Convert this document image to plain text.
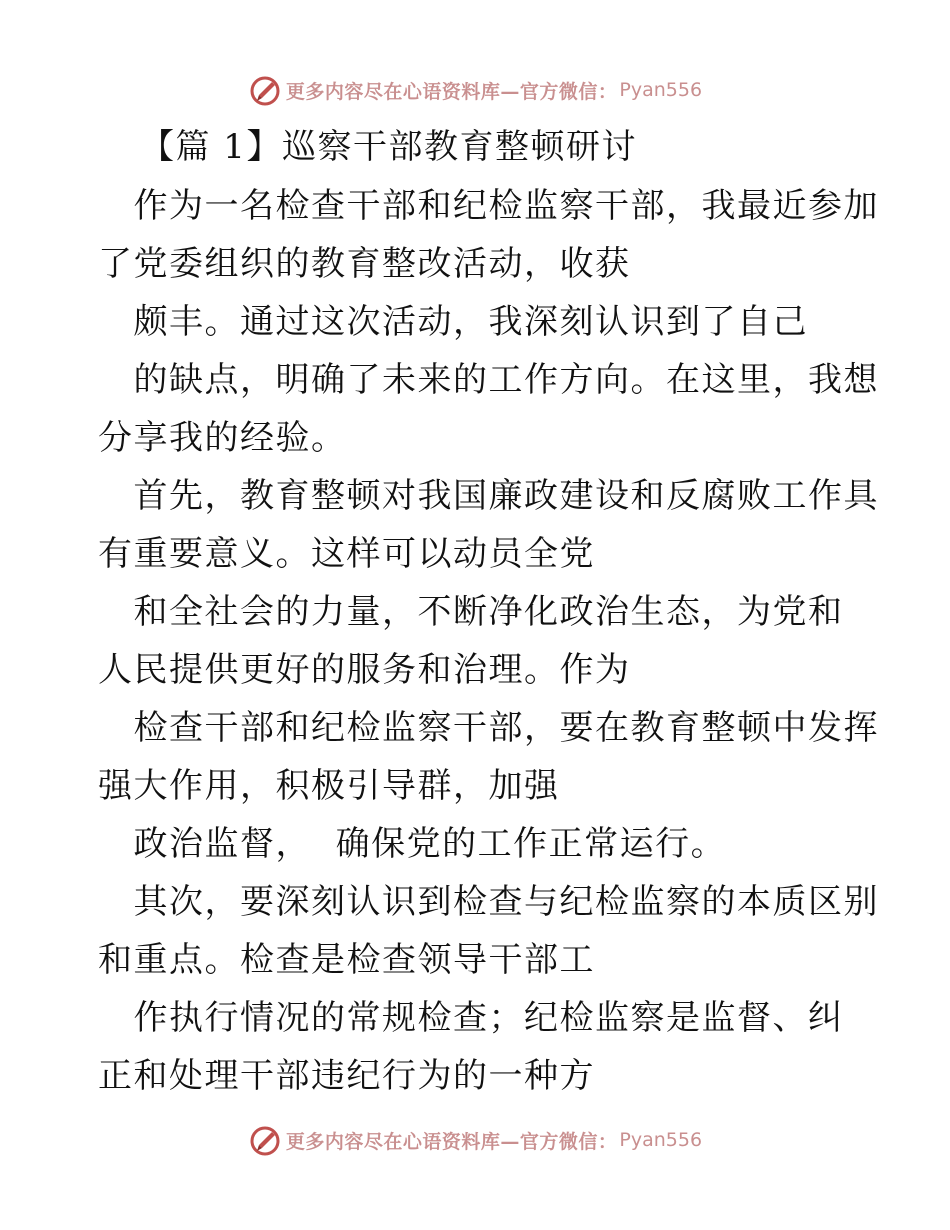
更多内容尽在心语资料库—官方微信： Pyan556
【篇 1】巡察干部教育整顿研讨
　作为一名检查干部和纪检监察干部，我最近参加
了党委组织的教育整改活动，收获
　颇丰。通过这次活动，我深刻认识到了自己
　的缺点，明确了未来的工作方向。在这里，我想
分享我的经验。
　首先，教育整顿对我国廉政建设和反腐败工作具
有重要意义。这样可以动员全党
　和全社会的力量，不断净化政治生态，为党和
人民提供更好的服务和治理。作为
　检查干部和纪检监察干部，要在教育整顿中发挥
强大作用，积极引导群，加强
　政治监督，  确保党的工作正常运行。
　其次，要深刻认识到检查与纪检监察的本质区别
和重点。检查是检查领导干部工
　作执行情况的常规检查；纪检监察是监督、纠
正和处理干部违纪行为的一种方
更多内容尽在心语资料库—官方微信： Pyan556
